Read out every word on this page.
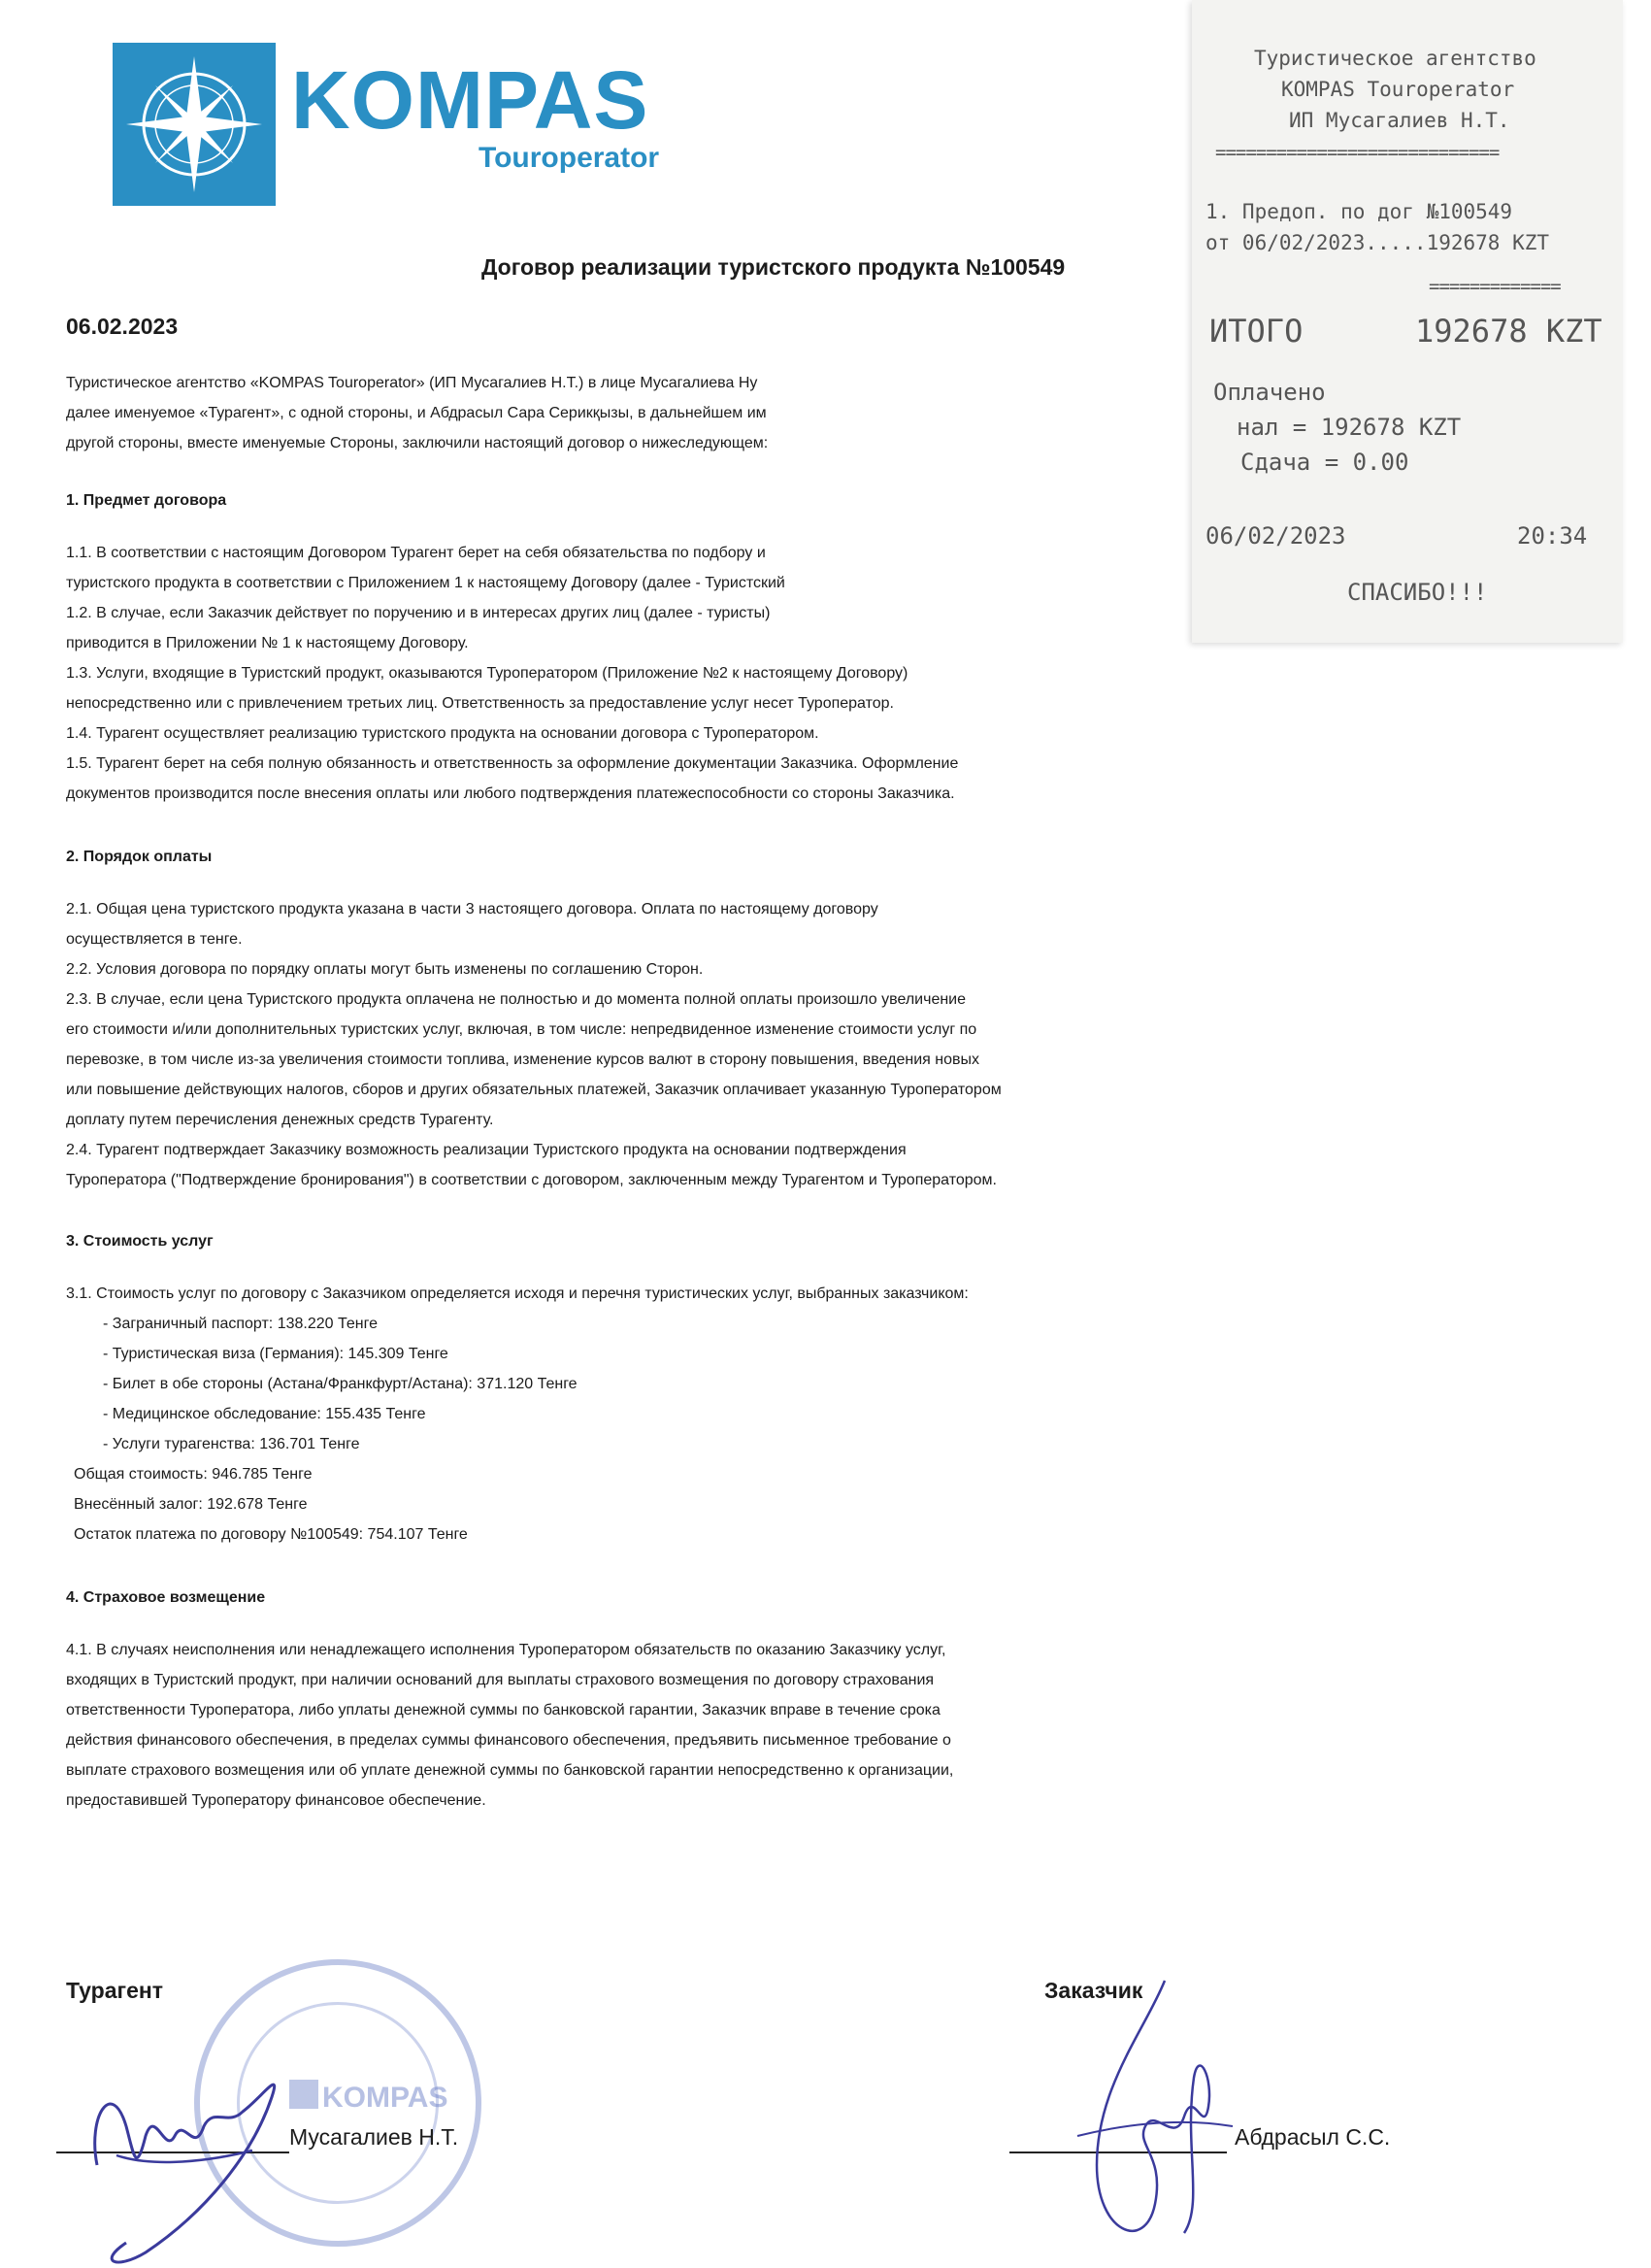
KOMPAS
Touroperator
Договор реализации туристского продукта №100549
06.02.2023
Туристическое агентство «KOMPAS Touroperator» (ИП Мусагалиев Н.Т.) в лице Мусагалиева Ну
далее именуемое «Турагент», с одной стороны, и Абдрасыл Сара Серикқызы, в дальнейшем им
другой стороны, вместе именуемые Стороны, заключили настоящий договор о нижеследующем:
1. Предмет договора
1.1. В соответствии с настоящим Договором Турагент берет на себя обязательства по подбору и
туристского продукта в соответствии с Приложением 1 к настоящему Договору (далее - Туристский
1.2. В случае, если Заказчик действует по поручению и в интересах других лиц (далее - туристы)
приводится в Приложении № 1 к настоящему Договору.
1.3. Услуги, входящие в Туристский продукт, оказываются Туроператором (Приложение №2 к настоящему Договору)
непосредственно или с привлечением третьих лиц. Ответственность за предоставление услуг несет Туроператор.
1.4. Турагент осуществляет реализацию туристского продукта на основании договора с Туроператором.
1.5. Турагент берет на себя полную обязанность и ответственность за оформление документации Заказчика. Оформление
документов производится после внесения оплаты или любого подтверждения платежеспособности со стороны Заказчика.
2. Порядок оплаты
2.1. Общая цена туристского продукта указана в части 3 настоящего договора. Оплата по настоящему договору
осуществляется в тенге.
2.2. Условия договора по порядку оплаты могут быть изменены по соглашению Сторон.
2.3. В случае, если цена Туристского продукта оплачена не полностью и до момента полной оплаты произошло увеличение
его стоимости и/или дополнительных туристских услуг, включая, в том числе: непредвиденное изменение стоимости услуг по
перевозке, в том числе из-за увеличения стоимости топлива, изменение курсов валют в сторону повышения, введения новых
или повышение действующих налогов, сборов и других обязательных платежей, Заказчик оплачивает указанную Туроператором
доплату путем перечисления денежных средств Турагенту.
2.4. Турагент подтверждает Заказчику возможность реализации Туристского продукта на основании подтверждения
Туроператора ("Подтверждение бронирования") в соответствии с договором, заключенным между Турагентом и Туроператором.
3. Стоимость услуг
3.1. Стоимость услуг по договору с Заказчиком определяется исходя и перечня туристических услуг, выбранных заказчиком:
- Заграничный паспорт: 138.220 Тенге
- Туристическая виза (Германия): 145.309 Тенге
- Билет в обе стороны (Астана/Франкфурт/Астана): 371.120 Тенге
- Медицинское обследование: 155.435 Тенге
- Услуги турагенства: 136.701 Тенге
Общая стоимость: 946.785 Тенге
Внесённый залог: 192.678 Тенге
Остаток платежа по договору №100549: 754.107 Тенге
4. Страховое возмещение
4.1. В случаях неисполнения или ненадлежащего исполнения Туроператором обязательств по оказанию Заказчику услуг,
входящих в Туристский продукт, при наличии оснований для выплаты страхового возмещения по договору страхования
ответственности Туроператора, либо уплаты денежной суммы по банковской гарантии, Заказчик вправе в течение срока
действия финансового обеспечения, в пределах суммы финансового обеспечения, предъявить письменное требование о
выплате страхового возмещения или об уплате денежной суммы по банковской гарантии непосредственно к организации,
предоставившей Туроператору финансовое обеспечение.
KOMPAS
Турагент
Мусагалиев Н.Т.
Заказчик
Абдрасыл С.С.
Туристическое агентство
KOMPAS Touroperator
ИП Мусагалиев Н.Т.
============================
1. Предоп. по дог №100549
от 06/02/2023.....192678 KZT
=============
ИТОГО	192678 KZT
Оплачено
нал = 192678 KZT
Сдача = 0.00
06/02/2023	20:34
СПАСИБО!!!
